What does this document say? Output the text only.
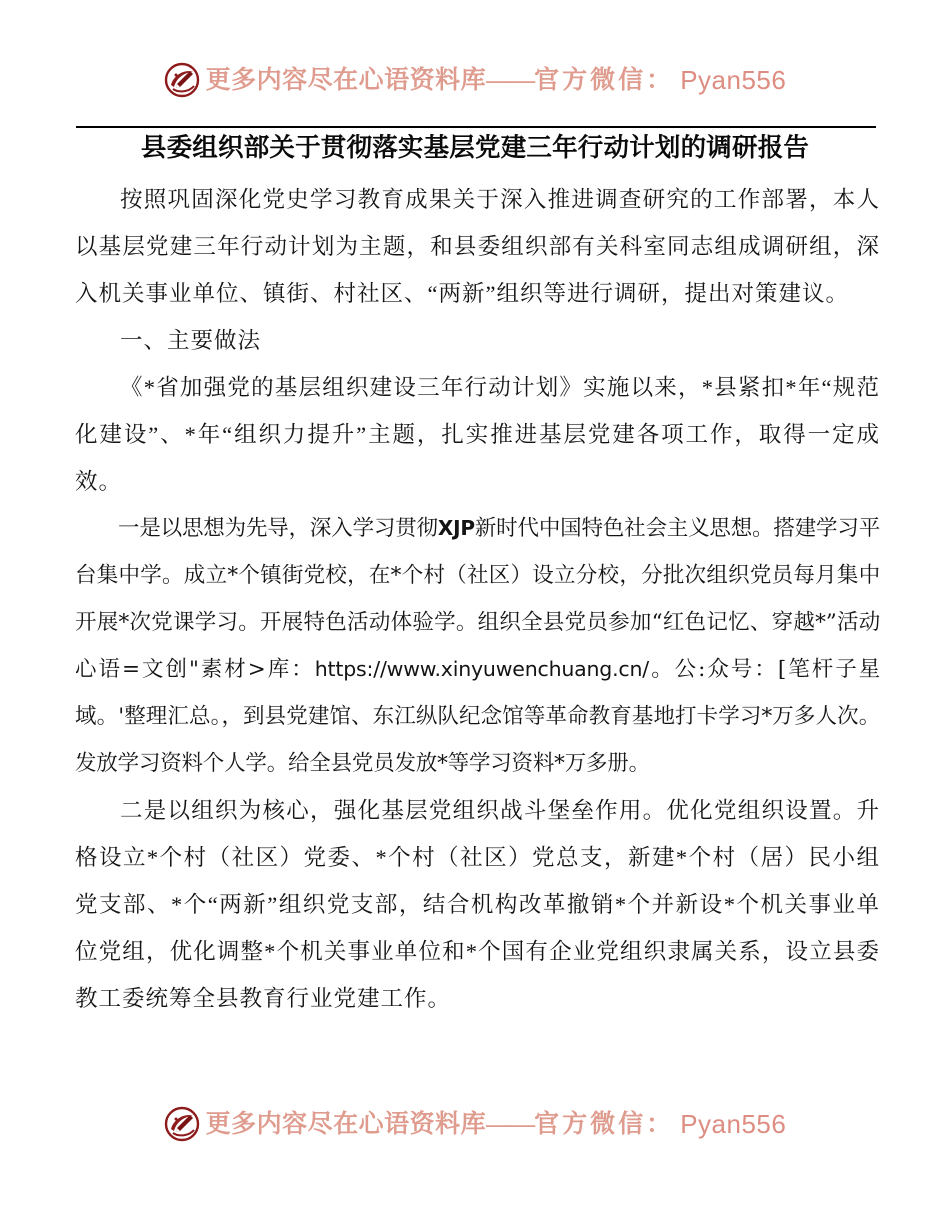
更多内容尽在心语资料库——官方微信： Pyan556
县委组织部关于贯彻落实基层党建三年行动计划的调研报告

按照巩固深化党史学习教育成果关于深入推进调查研究的工作部署，本人以基层党建三年行动计划为主题，和县委组织部有关科室同志组成调研组，深入机关事业单位、镇街、村社区、“两新”组织等进行调研，提出对策建议。

一、主要做法

《*省加强党的基层组织建设三年行动计划》实施以来，*县紧扣*年“规范化建设”、*年“组织力提升”主题，扎实推进基层党建各项工作，取得一定成效。

一是以思想为先导，深入学习贯彻XJP新时代中国特色社会主义思想。搭建学习平台集中学。成立*个镇街党校，在*个村（社区）设立分校，分批次组织党员每月集中开展*次党课学习。开展特色活动体验学。组织全县党员参加“红色记忆、穿越*”活动心语=文创"素材>库：https://www.xinyuwenchuang.cn/。公:众号：[笔杆子星域。'整理汇总。，到县党建馆、东江纵队纪念馆等革命教育基地打卡学习*万多人次。发放学习资料个人学。给全县党员发放*等学习资料*万多册。

二是以组织为核心，强化基层党组织战斗堡垒作用。优化党组织设置。升格设立*个村（社区）党委、*个村（社区）党总支，新建*个村（居）民小组党支部、*个“两新”组织党支部，结合机构改革撤销*个并新设*个机关事业单位党组，优化调整*个机关事业单位和*个国有企业党组织隶属关系，设立县委教工委统筹全县教育行业党建工作。

更多内容尽在心语资料库——官方微信： Pyan556
